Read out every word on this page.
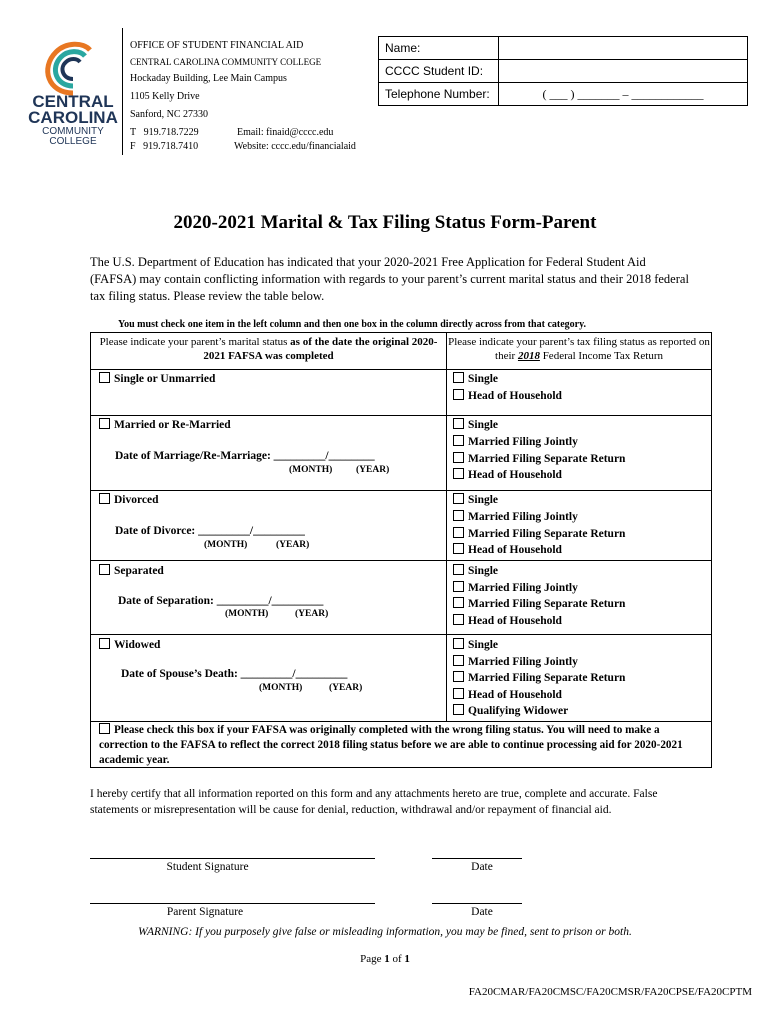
CENTRAL
CAROLINA
COMMUNITY
COLLEGE
OFFICE OF STUDENT FINANCIAL AID
CENTRAL CAROLINA COMMUNITY COLLEGE
Hockaday Building, Lee Main Campus
1105 Kelly Drive
Sanford, NC 27330
T 919.718.7229
F 919.718.7410
Email: finaid@cccc.edu
Website: cccc.edu/financialaid
Name:	
CCCC Student ID:	
Telephone Number:	( ___ ) _______ – ____________
2020-2021 Marital & Tax Filing Status Form-Parent
The U.S. Department of Education has indicated that your 2020-2021 Free Application for Federal Student Aid (FAFSA) may contain conflicting information with regards to your parent’s current marital status and their 2018 federal tax filing status. Please review the table below.
You must check one item in the left column and then one box in the column directly across from that category.
Please indicate your parent’s marital status as of the date the original 2020-2021 FAFSA was completed
Please indicate your parent’s tax filing status as reported on their 2018 Federal Income Tax Return
Single or Unmarried	Single
Head of Household
Married or Re-Married
Date of Marriage/Re-Marriage: _________/________
(MONTH) (YEAR)
Single
Married Filing Jointly
Married Filing Separate Return
Head of Household
Divorced
Date of Divorce: _________/_________
(MONTH)	(YEAR)
Single
Married Filing Jointly
Married Filing Separate Return
Head of Household
Separated
Date of Separation: _________/_________
(MONTH)	(YEAR)
Single
Married Filing Jointly
Married Filing Separate Return
Head of Household
Widowed
Date of Spouse’s Death: _________/_________
(MONTH)	(YEAR)
Single
Married Filing Jointly
Married Filing Separate Return
Head of Household
Qualifying Widower
Please check this box if your FAFSA was originally completed with the wrong filing status. You will need to make a correction to the FAFSA to reflect the correct 2018 filing status before we are able to continue processing aid for 2020-2021 academic year.
I hereby certify that all information reported on this form and any attachments hereto are true, complete and accurate. False statements or misrepresentation will be cause for denial, reduction, withdrawal and/or repayment of financial aid.
Student Signature	Date
Parent Signature	Date
WARNING: If you purposely give false or misleading information, you may be fined, sent to prison or both.
Page 1 of 1
FA20CMAR/FA20CMSC/FA20CMSR/FA20CPSE/FA20CPTM
